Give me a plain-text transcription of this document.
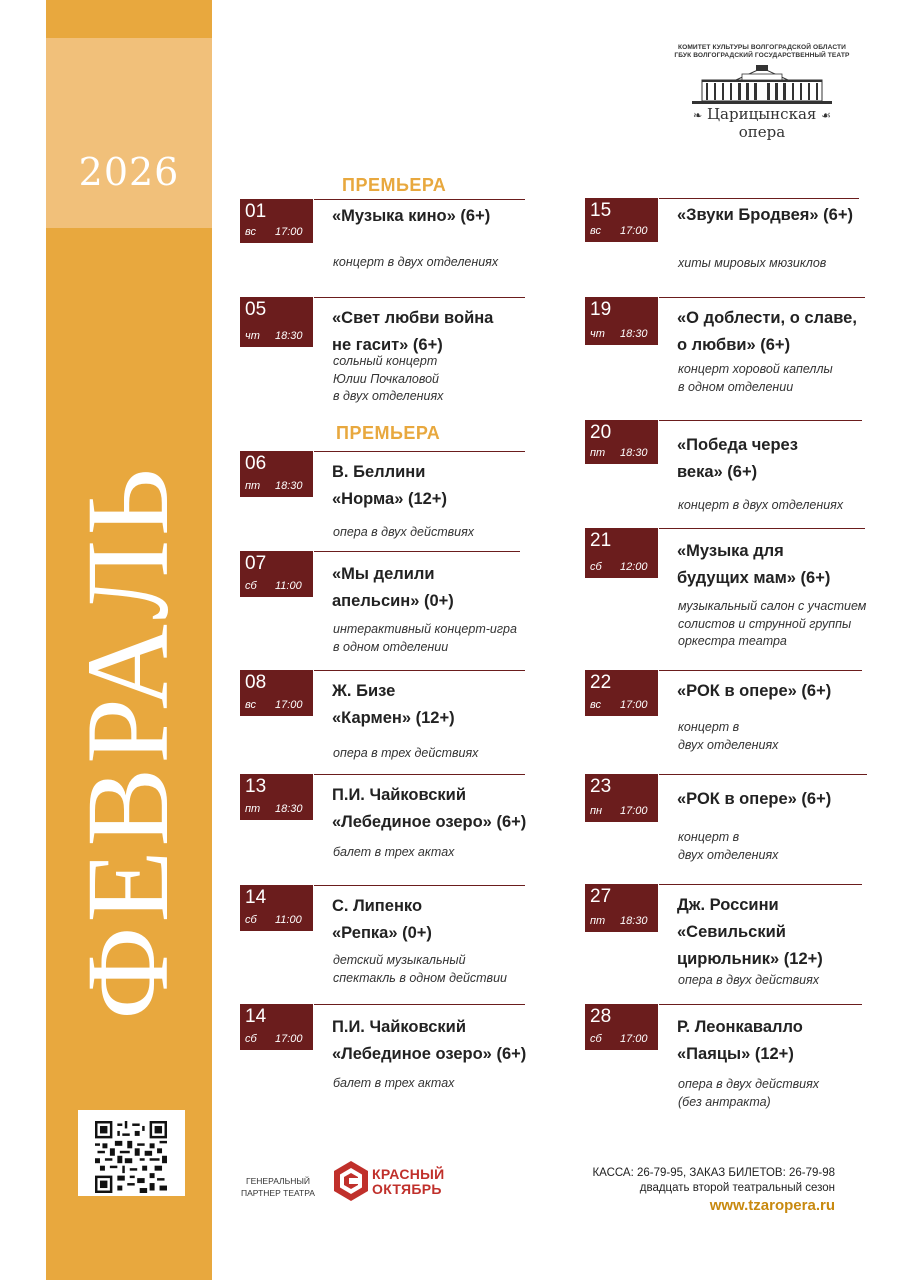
2026
ФЕВРАЛЬ
КОМИТЕТ КУЛЬТУРЫ ВОЛГОГРАДСКОЙ ОБЛАСТИ
ГБУК ВОЛГОГРАДСКИЙ ГОСУДАРСТВЕННЫЙ ТЕАТР
❧ Царицынская ☙
опера
ПРЕМЬЕРА
ПРЕМЬЕРА
01
вс 17:00
«Музыка кино» (6+)
концерт в двух отделениях
05
чт 18:30
«Свет любви война
не гасит» (6+)
сольный концерт
Юлии Почкаловой
в двух отделениях
06
пт 18:30
В. Беллини
«Норма» (12+)
опера в двух действиях
07
сб 11:00
«Мы делили
апельсин» (0+)
интерактивный концерт-игра
в одном отделении
08
вс 17:00
Ж. Бизе
«Кармен» (12+)
опера в трех действиях
13
пт 18:30
П.И. Чайковский
«Лебединое озеро» (6+)
балет в трех актах
14
сб 11:00
С. Липенко
«Репка» (0+)
детский музыкальный
спектакль в одном действии
14
сб 17:00
П.И. Чайковский
«Лебединое озеро» (6+)
балет в трех актах
15
вс 17:00
«Звуки Бродвея» (6+)
хиты мировых мюзиклов
19
чт 18:30
«О доблести, о славе,
о любви» (6+)
концерт хоровой капеллы
в одном отделении
20
пт 18:30 «Победа через
века» (6+)
концерт в двух отделениях
21
сб 12:00
«Музыка для
будущих мам» (6+)
музыкальный салон с участием
солистов и струнной группы
оркестра театра
22
вс 17:00
«РОК в опере» (6+)
концерт в
двух отделениях
23
пн 17:00
«РОК в опере» (6+)
концерт в
двух отделениях
27
пт 18:30
Дж. Россини
«Севильский
цирюльник» (12+)
опера в двух действиях
28
сб 17:00
Р. Леонкавалло
«Паяцы» (12+)
опера в двух действиях
(без антракта)
ГЕНЕРАЛЬНЫЙ
ПАРТНЕР ТЕАТРА
КРАСНЫЙ
ОКТЯБРЬ
КАССА: 26-79-95, ЗАКАЗ БИЛЕТОВ: 26-79-98
двадцать второй театральный сезон
www.tzaropera.ru
